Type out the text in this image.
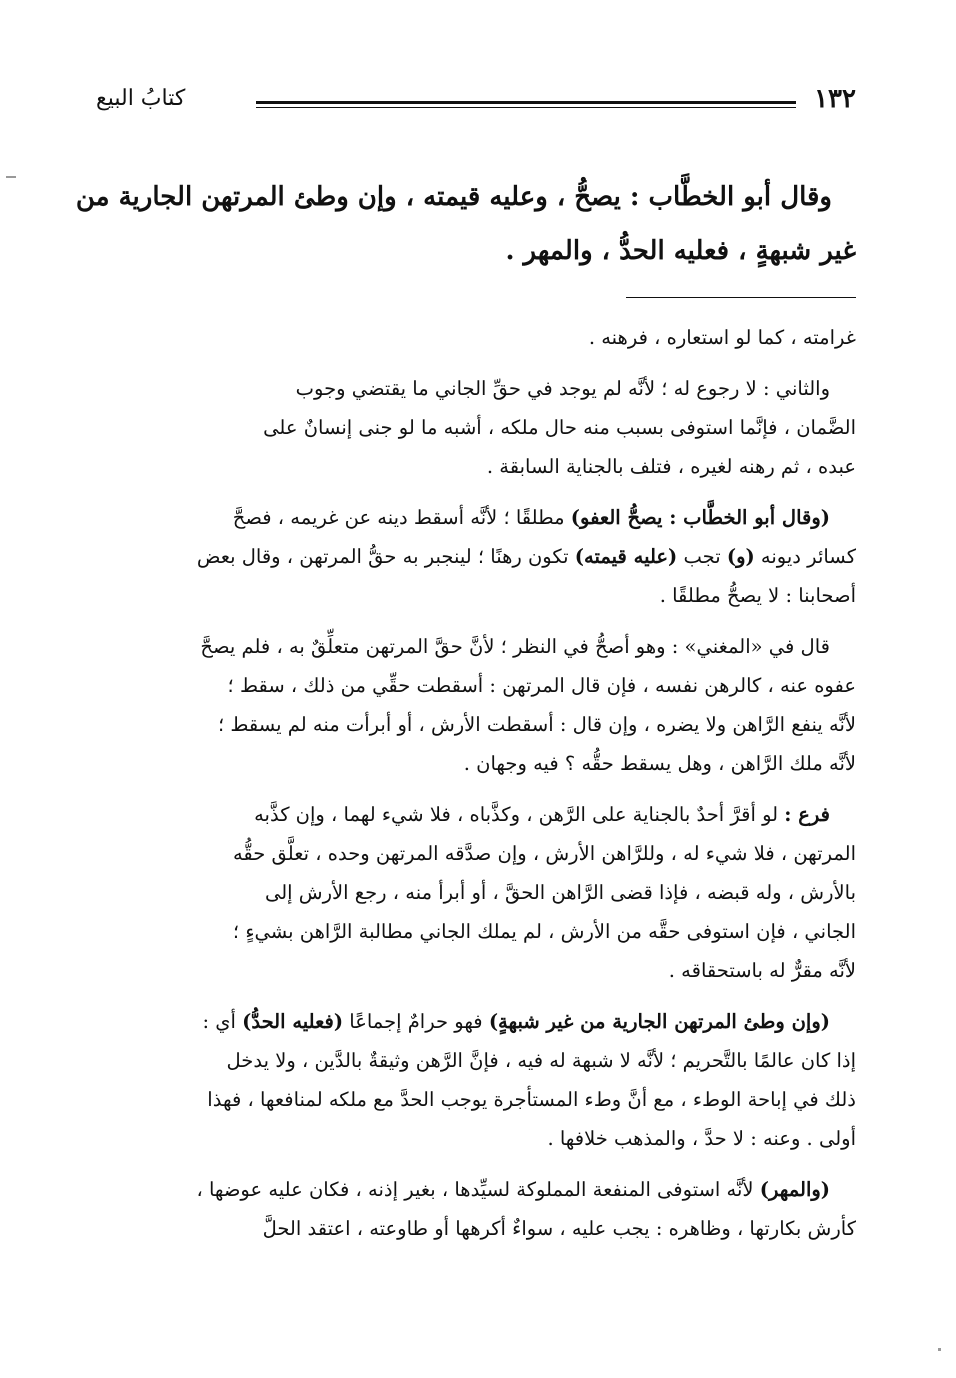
١٣٢
كتابُ البيع
وقال أبو الخطَّاب : يصحُّ ، وعليه قيمته ، وإن وطئ المرتهن الجارية من
غير شبهةٍ ، فعليه الحدُّ ، والمهر .

غرامته ، كما لو استعاره ، فرهنه .

والثاني : لا رجوع له ؛ لأنَّه لم يوجد في حقِّ الجاني ما يقتضي وجوب
الضَّمان ، فإنَّما استوفى بسبب منه حال ملكه ، أشبه ما لو جنى إنسانٌ على
عبده ، ثم رهنه لغيره ، فتلف بالجناية السابقة .

(وقال أبو الخطَّاب : يصحُّ العفو) مطلقًا ؛ لأنَّه أسقط دينه عن غريمه ، فصحَّ
كسائر ديونه (و) تجب (عليه قيمته) تكون رهنًا ؛ لينجبر به حقُّ المرتهن ، وقال بعض
أصحابنا : لا يصحُّ مطلقًا .

قال في «المغني» : وهو أصحُّ في النظر ؛ لأنَّ حقَّ المرتهن متعلِّقٌ به ، فلم يصحَّ
عفوه عنه ، كالرهن نفسه ، فإن قال المرتهن : أسقطت حقِّي من ذلك ، سقط ؛
لأنَّه ينفع الرَّاهن ولا يضره ، وإن قال : أسقطت الأرش ، أو أبرأت منه لم يسقط ؛
لأنَّه ملك الرَّاهن ، وهل يسقط حقُّه ؟ فيه وجهان .

فرع : لو أقرَّ أحدٌ بالجناية على الرَّهن ، وكذَّباه ، فلا شيء لهما ، وإن كذَّبه
المرتهن ، فلا شيء له ، وللرَّاهن الأرش ، وإن صدَّقه المرتهن وحده ، تعلَّق حقُّه
بالأرش ، وله قبضه ، فإذا قضى الرَّاهن الحقَّ ، أو أبرأ منه ، رجع الأرش إلى
الجاني ، فإن استوفى حقَّه من الأرش ، لم يملك الجاني مطالبة الرَّاهن بشيءٍ ؛
لأنَّه مقرٌّ له باستحقاقه .

(وإن وطئ المرتهن الجارية من غير شبهةٍ) فهو حرامٌ إجماعًا (فعليه الحدُّ) أي :
إذا كان عالمًا بالتَّحريم ؛ لأنَّه لا شبهة له فيه ، فإنَّ الرَّهن وثيقةٌ بالدَّين ، ولا يدخل
ذلك في إباحة الوطء ، مع أنَّ وطء المستأجرة يوجب الحدَّ مع ملكه لمنافعها ، فهذا
أولى . وعنه : لا حدَّ ، والمذهب خلافها .

(والمهر) لأنَّه استوفى المنفعة المملوكة لسيِّدها ، بغير إذنه ، فكان عليه عوضها ،
كأرش بكارتها ، وظاهره : يجب عليه ، سواءٌ أكرهها أو طاوعته ، اعتقد الحلَّ
